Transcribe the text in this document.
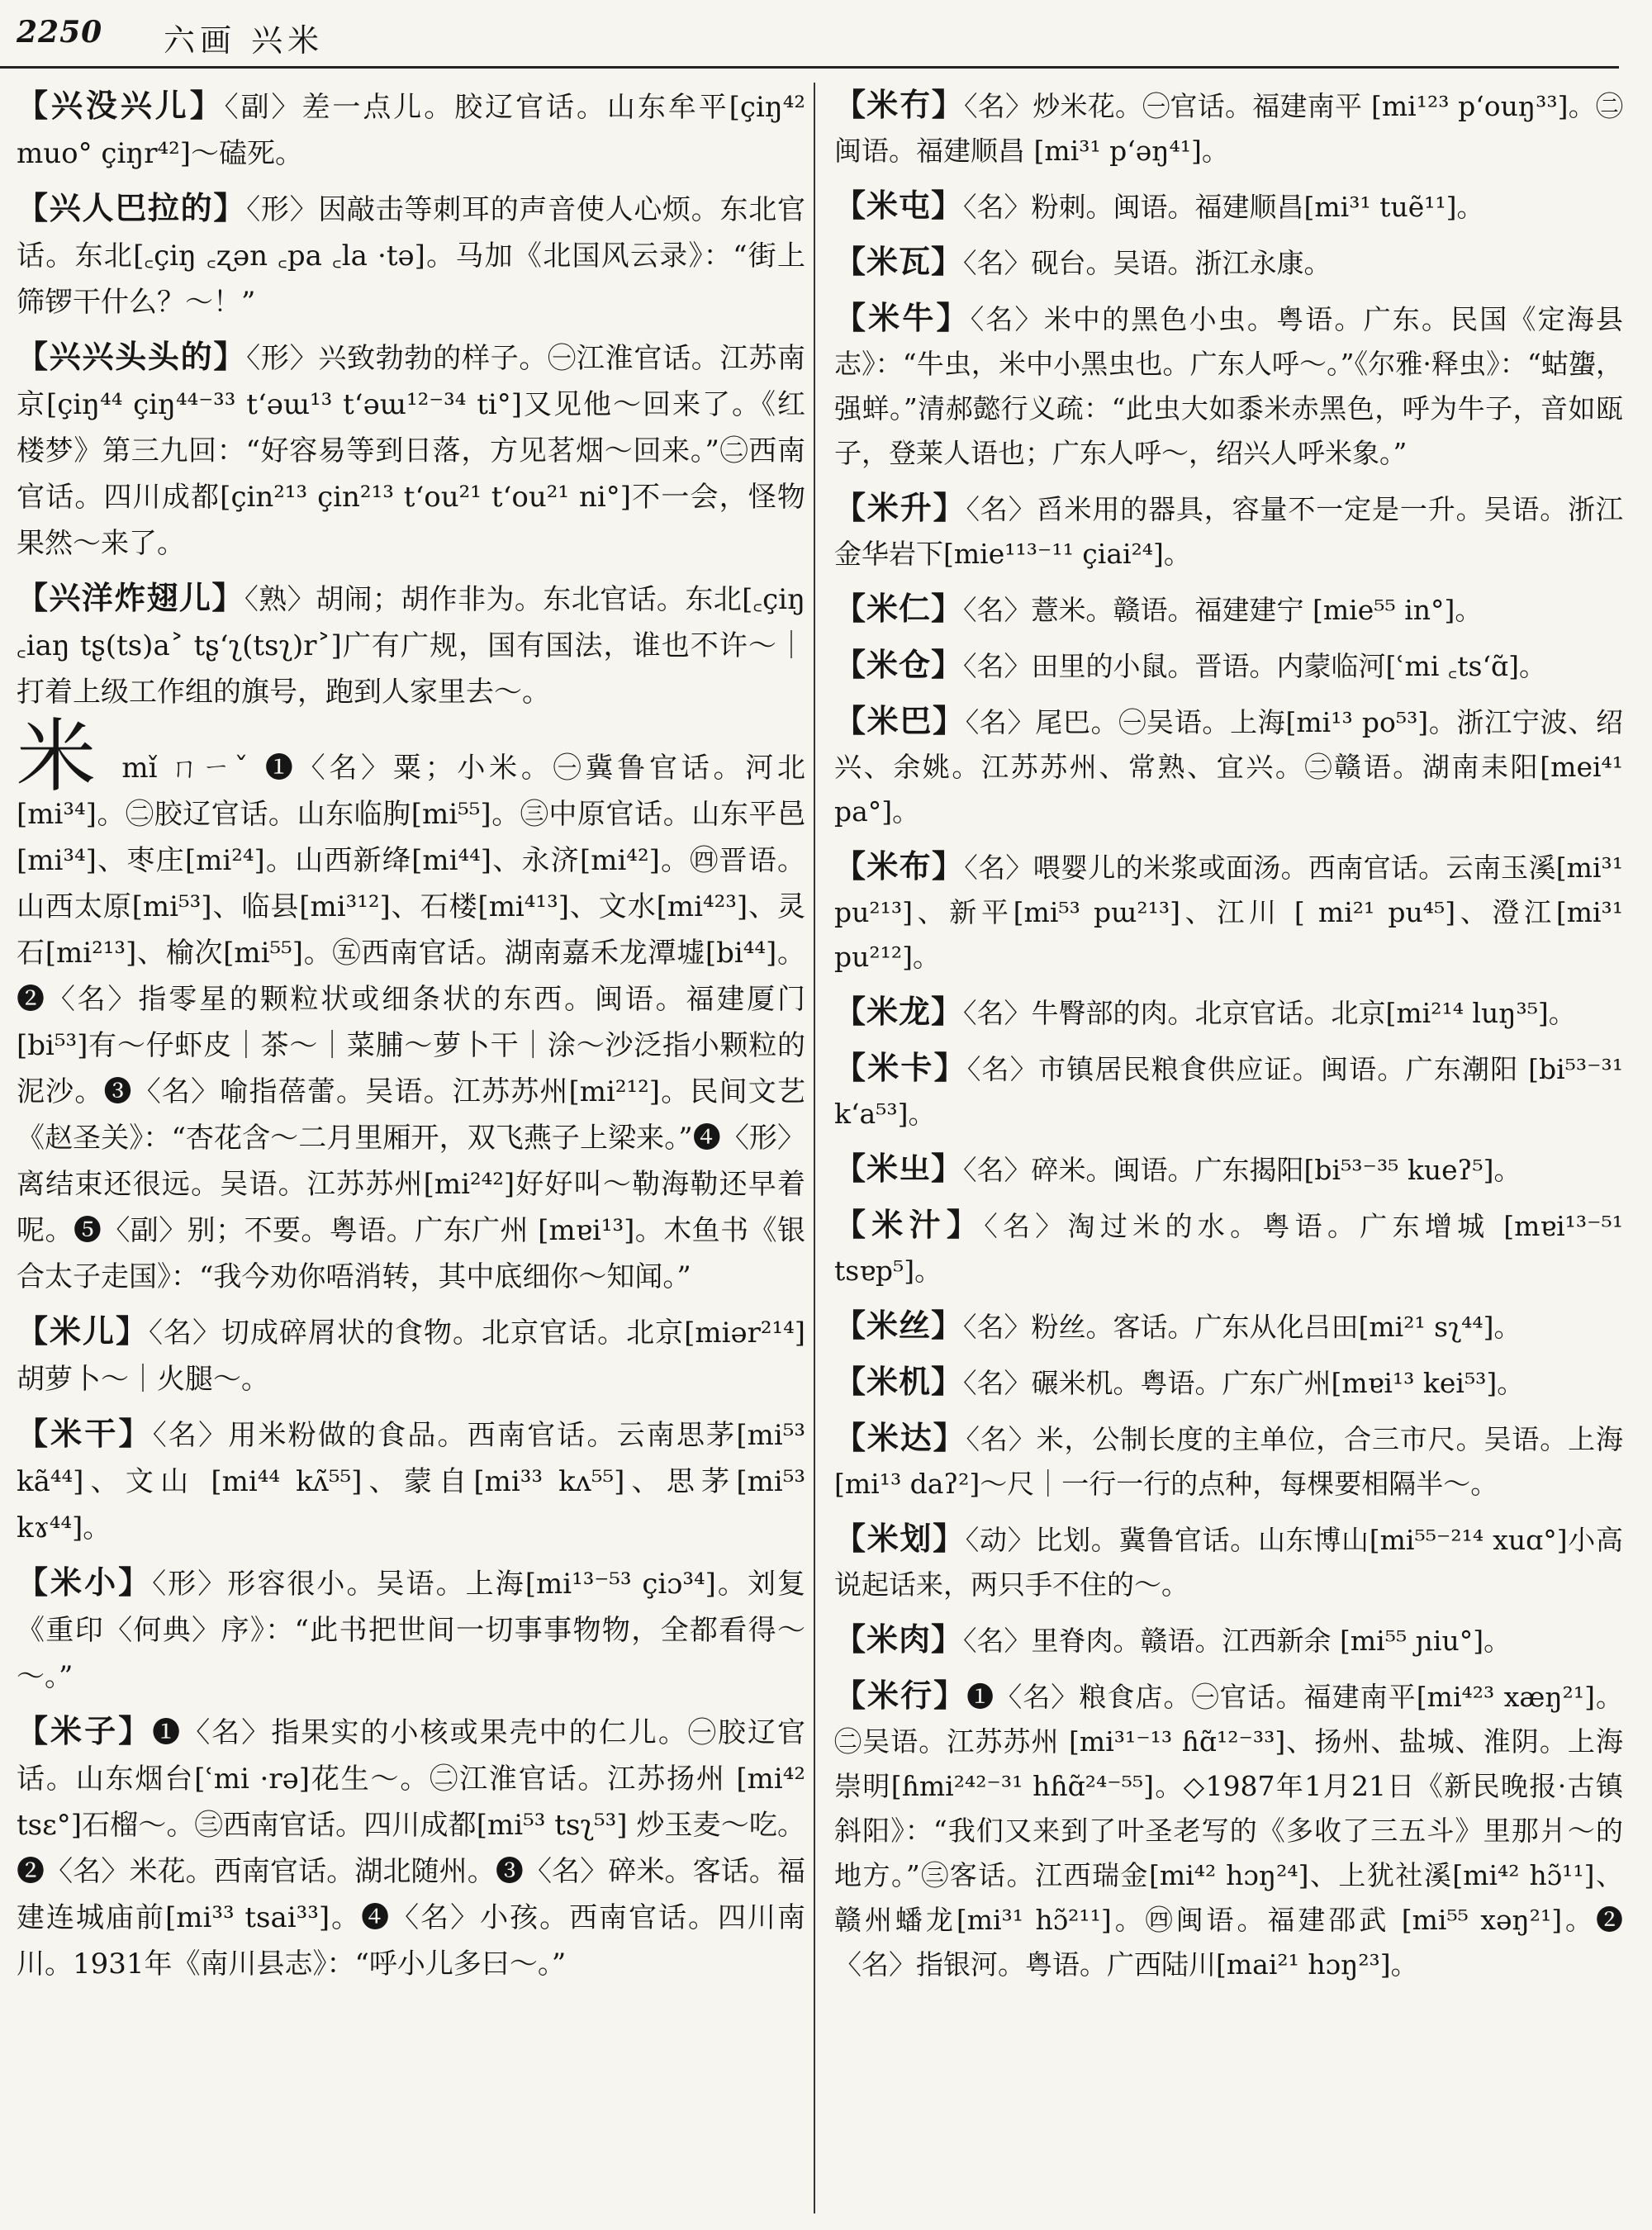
2250 六画 兴米

【兴没兴儿】〈副〉差一点儿。胶辽官话。山东牟平[çiŋ⁴² muo° çiŋr⁴²]～磕死。

【兴人巴拉的】〈形〉因敲击等刺耳的声音使人心烦。东北官话。东北[꜀çiŋ ꜀ʐən ꜀pa ꜀la ·tə]。马加《北国风云录》：“街上筛锣干什么？～！”

【兴兴头头的】〈形〉兴致勃勃的样子。㊀江淮官话。江苏南京[çiŋ⁴⁴ çiŋ⁴⁴⁻³³ t‘əɯ¹³ t‘əɯ¹²⁻³⁴ ti°]又见他～回来了。《红楼梦》第三九回：“好容易等到日落，方见茗烟～回来。”㊁西南官话。四川成都[çin²¹³ çin²¹³ t‘ou²¹ t‘ou²¹ ni°]不一会，怪物果然～来了。

【兴洋炸翅儿】〈熟〉胡闹；胡作非为。东北官话。东北[꜀çiŋ ꜀iaŋ tʂ(ts)a˃ tʂ‘ʅ(tsʅ)r˃]广有广规，国有国法，谁也不许～｜打着上级工作组的旗号，跑到人家里去～。

米 mǐ ㄇㄧˇ ❶〈名〉粟；小米。㊀冀鲁官话。河北[mi³⁴]。㊁胶辽官话。山东临朐[mi⁵⁵]。㊂中原官话。山东平邑[mi³⁴]、枣庄[mi²⁴]。山西新绛[mi⁴⁴]、永济[mi⁴²]。㊃晋语。山西太原[mi⁵³]、临县[mi³¹²]、石楼[mi⁴¹³]、文水[mi⁴²³]、灵石[mi²¹³]、榆次[mi⁵⁵]。㊄西南官话。湖南嘉禾龙潭墟[bi⁴⁴]。❷〈名〉指零星的颗粒状或细条状的东西。闽语。福建厦门[bi⁵³]有～仔虾皮｜茶～｜菜脯～萝卜干｜涂～沙泛指小颗粒的泥沙。❸〈名〉喻指蓓蕾。吴语。江苏苏州[mi²¹²]。民间文艺《赵圣关》：“杏花含～二月里厢开，双飞燕子上梁来。”❹〈形〉离结束还很远。吴语。江苏苏州[mi²⁴²]好好叫～勒海勒还早着呢。❺〈副〉别；不要。粤语。广东广州 [mɐi¹³]。木鱼书《银合太子走国》：“我今劝你唔消转，其中底细你～知闻。”

【米儿】〈名〉切成碎屑状的食物。北京官话。北京[miər²¹⁴]胡萝卜～｜火腿～。

【米干】〈名〉用米粉做的食品。西南官话。云南思茅[mi⁵³ kã⁴⁴]、文山 [mi⁴⁴ kʌ̃⁵⁵]、蒙自[mi³³ kʌ⁵⁵]、思茅[mi⁵³ kɤ⁴⁴]。

【米小】〈形〉形容很小。吴语。上海[mi¹³⁻⁵³ çiɔ³⁴]。刘复《重印〈何典〉序》：“此书把世间一切事事物物，全都看得～～。”

【米子】❶〈名〉指果实的小核或果壳中的仁儿。㊀胶辽官话。山东烟台[ʿmi ·rə]花生～。㊁江淮官话。江苏扬州 [mi⁴² tsɛ°]石榴～。㊂西南官话。四川成都[mi⁵³ tsʅ⁵³] 炒玉麦～吃。❷〈名〉米花。西南官话。湖北随州。❸〈名〉碎米。客话。福建连城庙前[mi³³ tsai³³]。❹〈名〉小孩。西南官话。四川南川。1931年《南川县志》：“呼小儿多曰～。”

【米冇】〈名〉炒米花。㊀官话。福建南平 [mi¹²³ p‘ouŋ³³]。㊁闽语。福建顺昌 [mi³¹ p‘əŋ⁴¹]。

【米屯】〈名〉粉刺。闽语。福建顺昌[mi³¹ tuẽ¹¹]。

【米瓦】〈名〉砚台。吴语。浙江永康。

【米牛】〈名〉米中的黑色小虫。粤语。广东。民国《定海县志》：“牛虫，米中小黑虫也。广东人呼～。”《尔雅·释虫》：“蛄䗐，强蛘。”清郝懿行义疏：“此虫大如黍米赤黑色，呼为牛子，音如瓯子，登莱人语也；广东人呼～，绍兴人呼米象。”

【米升】〈名〉舀米用的器具，容量不一定是一升。吴语。浙江金华岩下[mie¹¹³⁻¹¹ çiai²⁴]。

【米仁】〈名〉薏米。赣语。福建建宁 [mie⁵⁵ in°]。

【米仓】〈名〉田里的小鼠。晋语。内蒙临河[ʿmi ꜀ts‘ɑ̃]。

【米巴】〈名〉尾巴。㊀吴语。上海[mi¹³ po⁵³]。浙江宁波、绍兴、余姚。江苏苏州、常熟、宜兴。㊁赣语。湖南耒阳[mei⁴¹ pa°]。

【米布】〈名〉喂婴儿的米浆或面汤。西南官话。云南玉溪[mi³¹ pu²¹³]、新平[mi⁵³ pɯ²¹³]、江川 [ mi²¹ pu⁴⁵]、澄江[mi³¹ pu²¹²]。

【米龙】〈名〉牛臀部的肉。北京官话。北京[mi²¹⁴ luŋ³⁵]。

【米卡】〈名〉市镇居民粮食供应证。闽语。广东潮阳 [bi⁵³⁻³¹ k‘a⁵³]。

【米㞢】〈名〉碎米。闽语。广东揭阳[bi⁵³⁻³⁵ kueʔ⁵]。

【米汁】〈名〉淘过米的水。粤语。广东增城 [mɐi¹³⁻⁵¹ tsɐp⁵]。

【米丝】〈名〉粉丝。客话。广东从化吕田[mi²¹ sʅ⁴⁴]。

【米机】〈名〉碾米机。粤语。广东广州[mɐi¹³ kei⁵³]。

【米达】〈名〉米，公制长度的主单位，合三市尺。吴语。上海 [mi¹³ daʔ²]～尺｜一行一行的点种，每棵要相隔半～。

【米划】〈动〉比划。冀鲁官话。山东博山[mi⁵⁵⁻²¹⁴ xuɑ°]小高说起话来，两只手不住的～。

【米肉】〈名〉里脊肉。赣语。江西新余 [mi⁵⁵ ɲiu°]。

【米行】❶〈名〉粮食店。㊀官话。福建南平[mi⁴²³ xæŋ²¹]。㊁吴语。江苏苏州 [mi³¹⁻¹³ ɦɑ̃¹²⁻³³]、扬州、盐城、淮阴。上海崇明[ɦmi²⁴²⁻³¹ hɦɑ̃²⁴⁻⁵⁵]。◇1987年1月21日《新民晚报·古镇斜阳》：“我们又来到了叶圣老写的《多收了三五斗》里那爿～的地方。”㊂客话。江西瑞金[mi⁴² hɔŋ²⁴]、上犹社溪[mi⁴² hɔ̃¹¹]、赣州蟠龙[mi³¹ hɔ̃²¹¹]。㊃闽语。福建邵武 [mi⁵⁵ xəŋ²¹]。❷〈名〉指银河。粤语。广西陆川[mai²¹ hɔŋ²³]。
